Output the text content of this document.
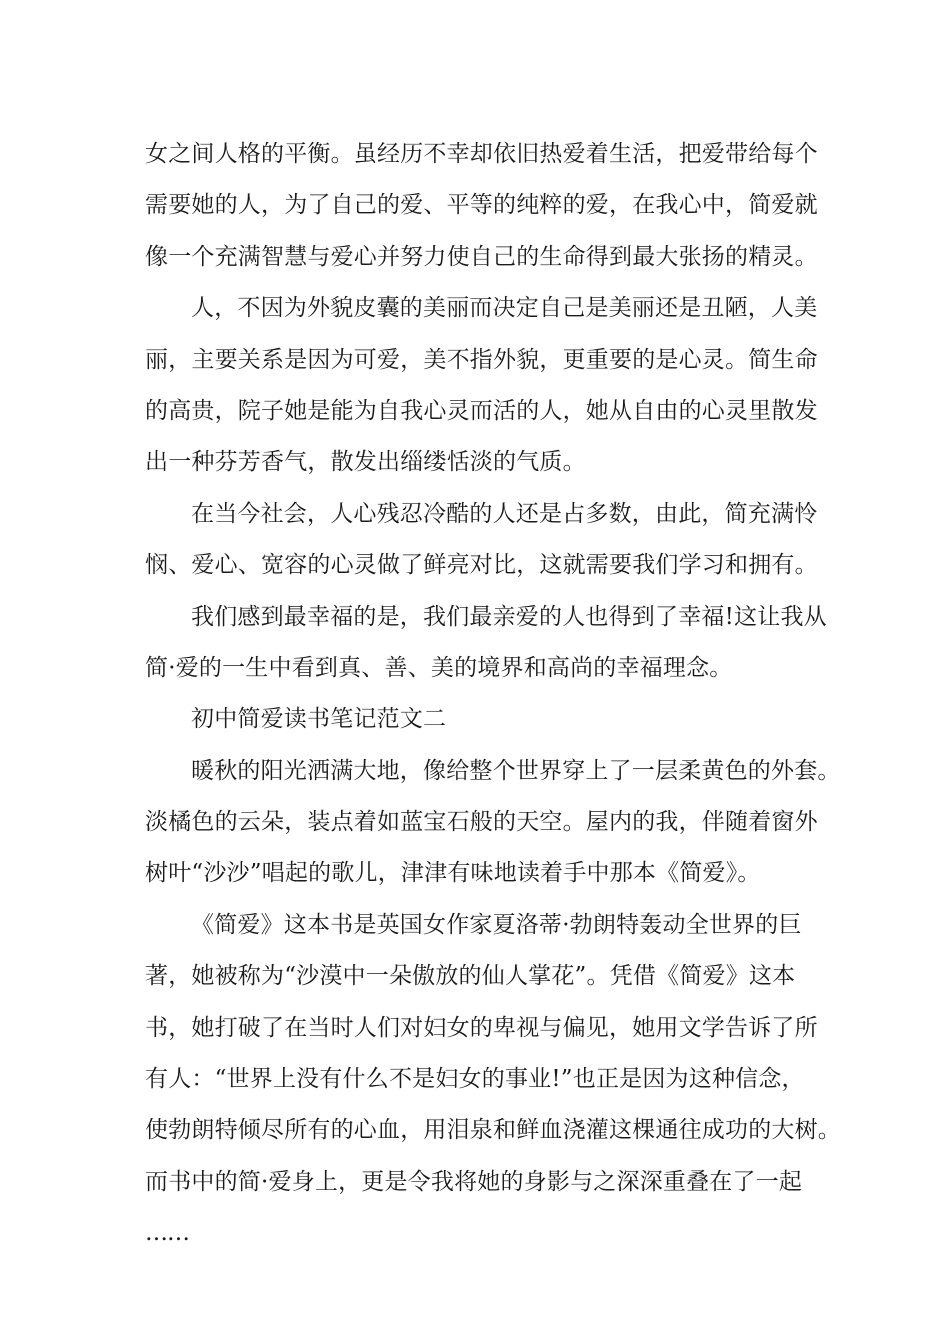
女之间人格的平衡。虽经历不幸却依旧热爱着生活，把爱带给每个
需要她的人，为了自己的爱、平等的纯粹的爱，在我心中，简爱就
像一个充满智慧与爱心并努力使自己的生命得到最大张扬的精灵。
人，不因为外貌皮囊的美丽而决定自己是美丽还是丑陋，人美
丽，主要关系是因为可爱，美不指外貌，更重要的是心灵。简生命
的高贵，院子她是能为自我心灵而活的人，她从自由的心灵里散发
出一种芬芳香气，散发出缁缕恬淡的气质。
在当今社会，人心残忍冷酷的人还是占多数，由此，简充满怜
悯、爱心、宽容的心灵做了鲜亮对比，这就需要我们学习和拥有。
我们感到最幸福的是，我们最亲爱的人也得到了幸福!这让我从
简·爱的一生中看到真、善、美的境界和高尚的幸福理念。
初中简爱读书笔记范文二
暖秋的阳光洒满大地，像给整个世界穿上了一层柔黄色的外套。
淡橘色的云朵，装点着如蓝宝石般的天空。屋内的我，伴随着窗外
树叶“沙沙”唱起的歌儿，津津有味地读着手中那本《简爱》。
《简爱》这本书是英国女作家夏洛蒂·勃朗特轰动全世界的巨
著，她被称为“沙漠中一朵傲放的仙人掌花”。凭借《简爱》这本
书，她打破了在当时人们对妇女的卑视与偏见，她用文学告诉了所
有人：“世界上没有什么不是妇女的事业!”也正是因为这种信念，
使勃朗特倾尽所有的心血，用泪泉和鲜血浇灌这棵通往成功的大树。
而书中的简·爱身上，更是令我将她的身影与之深深重叠在了一起
……
